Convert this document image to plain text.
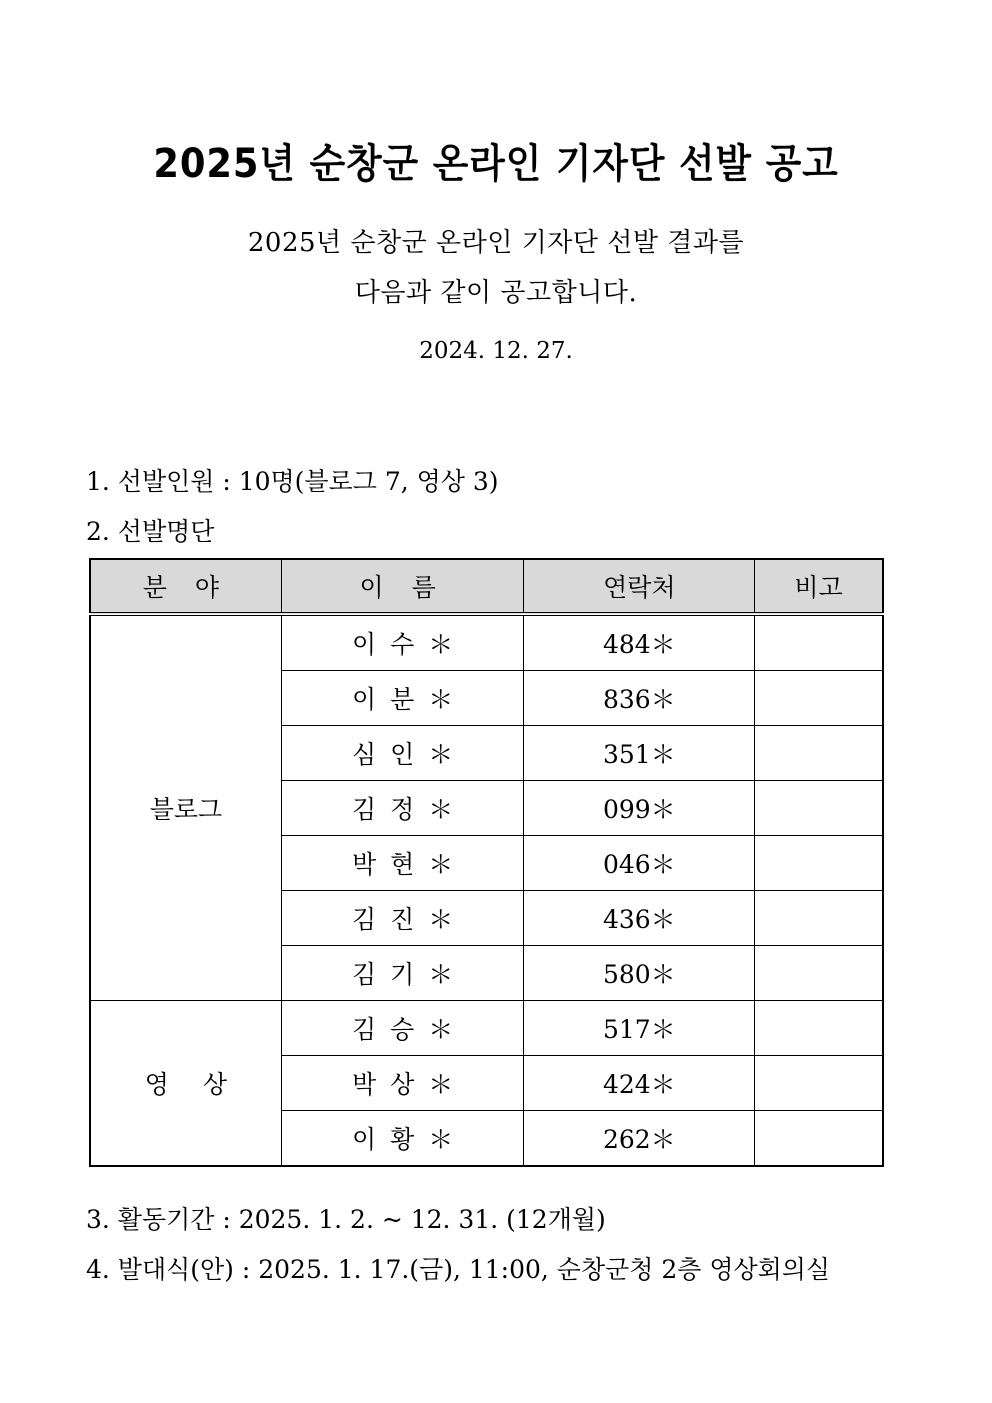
2025년 순창군 온라인 기자단 선발 공고
2025년 순창군 온라인 기자단 선발 결과를
다음과 같이 공고합니다.
2024. 12. 27.
1. 선발인원 : 10명(블로그 7, 영상 3)
2. 선발명단
분 야	이 름	연락처	비고
블로그	이수＊	484＊	
	이분＊	836＊	
	심인＊	351＊	
	김정＊	099＊	
	박현＊	046＊	
	김진＊	436＊	
	김기＊	580＊	
영상	김승＊	517＊	
	박상＊	424＊	
	이황＊	262＊	
3. 활동기간 : 2025. 1. 2. ~ 12. 31. (12개월)
4. 발대식(안) : 2025. 1. 17.(금), 11:00, 순창군청 2층 영상회의실
